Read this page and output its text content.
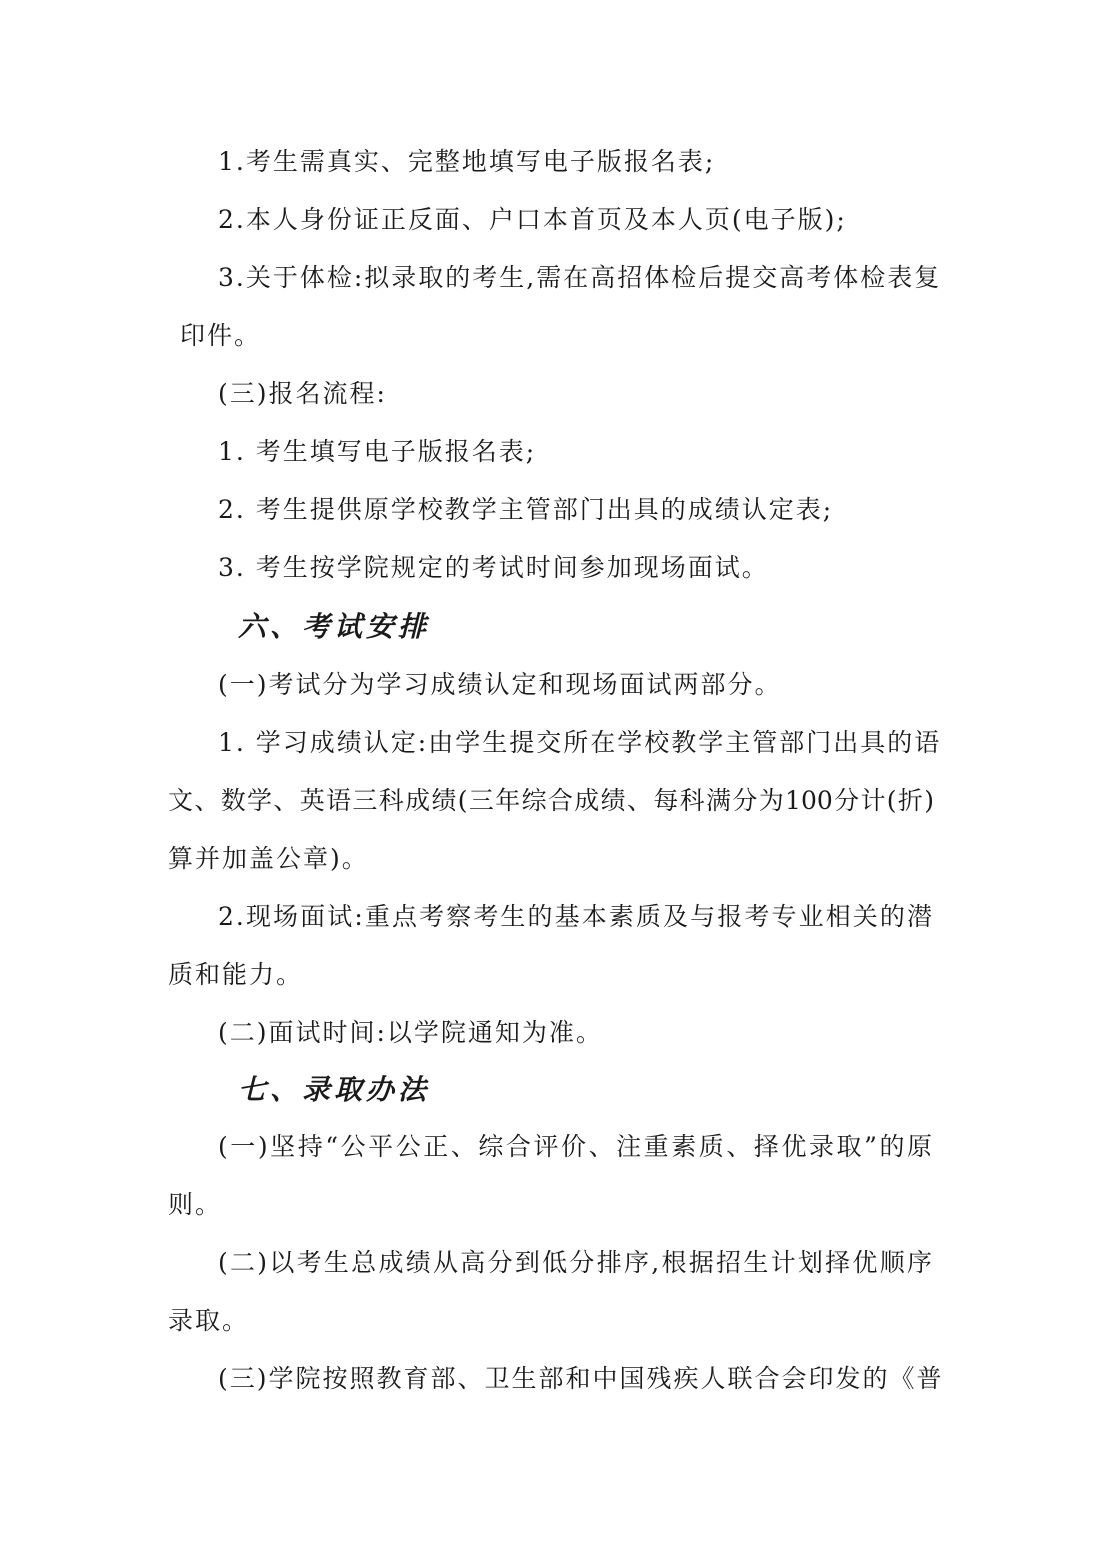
1.考生需真实、完整地填写电子版报名表;
2.本人身份证正反面、户口本首页及本人页(电子版);
3.关于体检:拟录取的考生,需在高招体检后提交高考体检表复
印件。
(三)报名流程:
1. 考生填写电子版报名表;
2. 考生提供原学校教学主管部门出具的成绩认定表;
3. 考生按学院规定的考试时间参加现场面试。
六、考试安排
(一)考试分为学习成绩认定和现场面试两部分。
1. 学习成绩认定:由学生提交所在学校教学主管部门出具的语
文、数学、英语三科成绩(三年综合成绩、每科满分为100分计(折)
算并加盖公章)。
2.现场面试:重点考察考生的基本素质及与报考专业相关的潜
质和能力。
(二)面试时间:以学院通知为准。
七、录取办法
(一)坚持“公平公正、综合评价、注重素质、择优录取”的原
则。
(二)以考生总成绩从高分到低分排序,根据招生计划择优顺序
录取。
(三)学院按照教育部、卫生部和中国残疾人联合会印发的《普
